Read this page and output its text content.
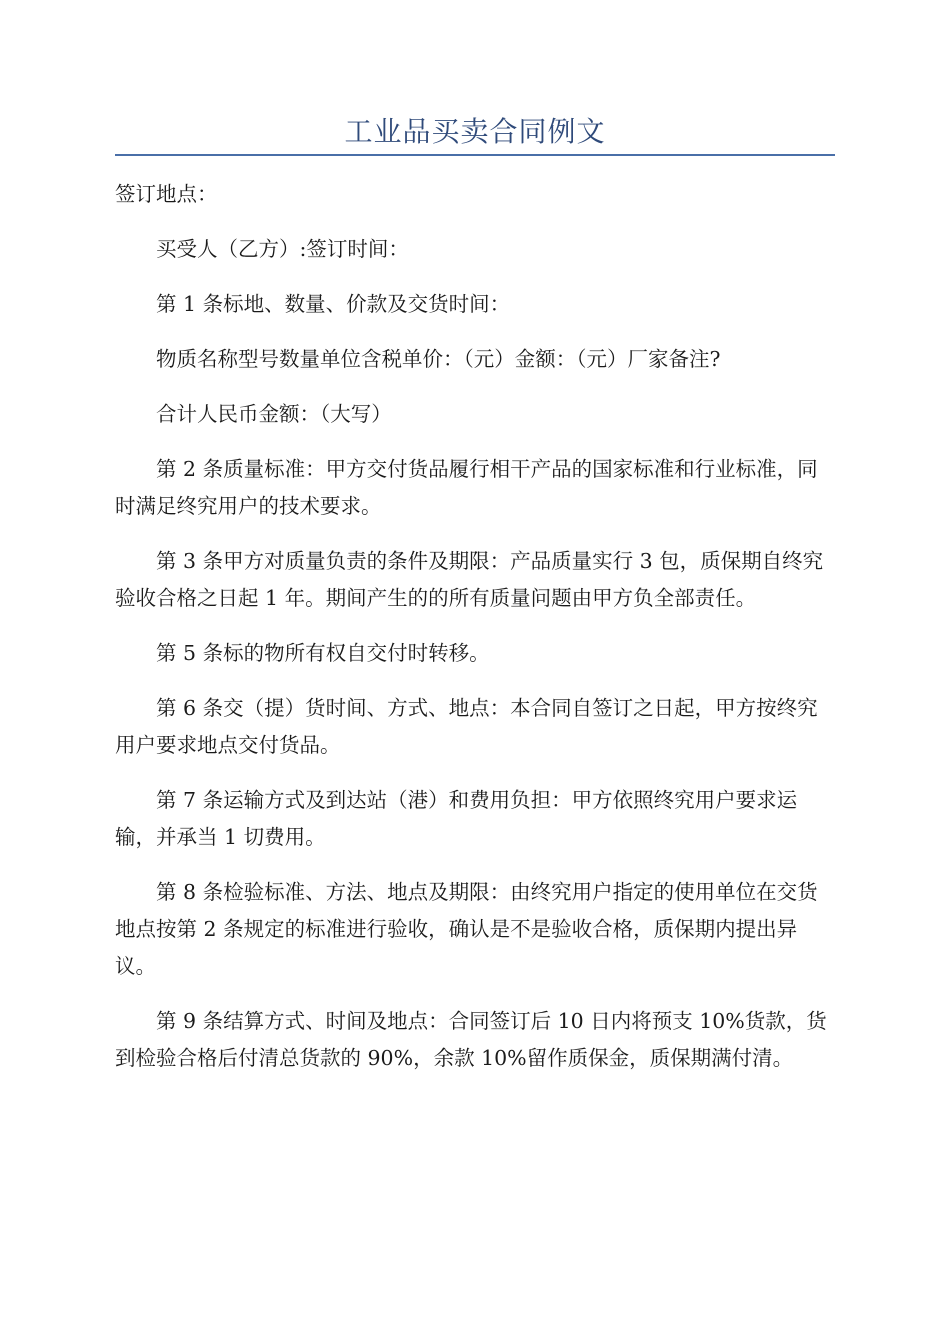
工业品买卖合同例文

签订地点：

买受人（乙方）:签订时间：

第 1 条标地、数量、价款及交货时间：

物质名称型号数量单位含税单价：（元）金额：（元）厂家备注?

合计人民币金额：（大写）

第 2 条质量标准：甲方交付货品履行相干产品的国家标准和行业标准，同时满足终究用户的技术要求。

第 3 条甲方对质量负责的条件及期限：产品质量实行 3 包，质保期自终究验收合格之日起 1 年。期间产生的的所有质量问题由甲方负全部责任。

第 5 条标的物所有权自交付时转移。

第 6 条交（提）货时间、方式、地点：本合同自签订之日起，甲方按终究用户要求地点交付货品。

第 7 条运输方式及到达站（港）和费用负担：甲方依照终究用户要求运输，并承当 1 切费用。

第 8 条检验标准、方法、地点及期限：由终究用户指定的使用单位在交货地点按第 2 条规定的标准进行验收，确认是不是验收合格，质保期内提出异议。

第 9 条结算方式、时间及地点：合同签订后 10 日内将预支 10%货款，货到检验合格后付清总货款的 90%，余款 10%留作质保金，质保期满付清。
